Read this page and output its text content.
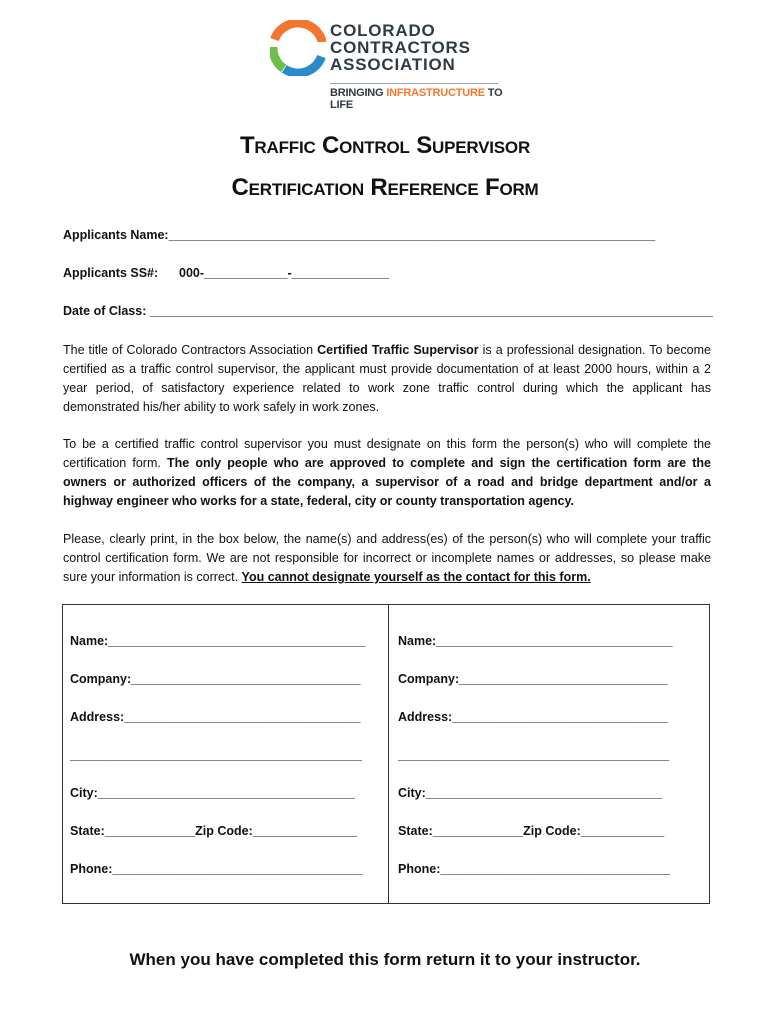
COLORADO
CONTRACTORS
ASSOCIATION
BRINGING INFRASTRUCTURE TO LIFE
Traffic Control Supervisor
Certification Reference Form
Applicants Name:______________________________________________________________________
Applicants SS#:      000-____________-______________
Date of Class: _________________________________________________________________________________
The title of Colorado Contractors Association Certified Traffic Supervisor is a professional designation. To become certified as a traffic control supervisor, the applicant must provide documentation of at least 2000 hours, within a 2 year period, of satisfactory experience related to work zone traffic control during which the applicant has demonstrated his/her ability to work safely in work zones.
To be a certified traffic control supervisor you must designate on this form the person(s) who will complete the certification form. The only people who are approved to complete and sign the certification form are the owners or authorized officers of the company, a supervisor of a road and bridge department and/or a highway engineer who works for a state, federal, city or county transportation agency.
Please, clearly print, in the box below, the name(s) and address(es) of the person(s) who will complete your traffic control certification form. We are not responsible for incorrect or incomplete names or addresses, so please make sure your information is correct. You cannot designate yourself as the contact for this form.
Name:_____________________________________
Company:_________________________________
Address:__________________________________
__________________________________________
City:_____________________________________
State:_____________Zip Code:_______________
Phone:____________________________________
Name:__________________________________
Company:______________________________
Address:_______________________________
_______________________________________
City:__________________________________
State:_____________Zip Code:____________
Phone:_________________________________
When you have completed this form return it to your instructor.
